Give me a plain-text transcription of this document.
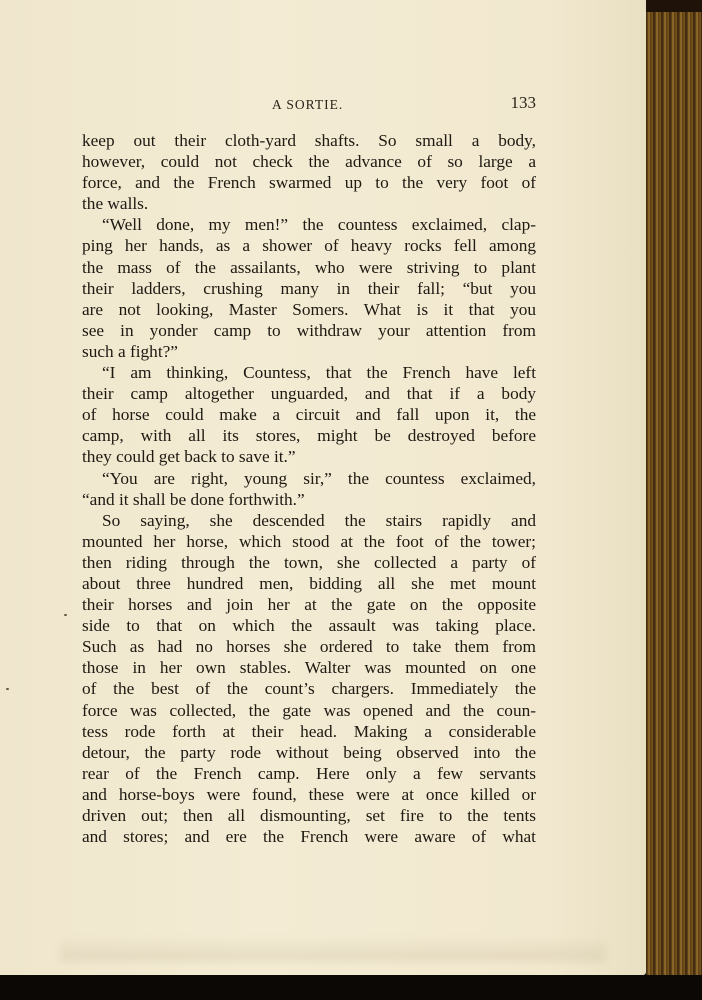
A SORTIE.	133
keep out their cloth-yard shafts. So small a body,
however, could not check the advance of so large a
force, and the French swarmed up to the very foot of
the walls.
“Well done, my men!” the countess exclaimed, clap-
ping her hands, as a shower of heavy rocks fell among
the mass of the assailants, who were striving to plant
their ladders, crushing many in their fall; “but you
are not looking, Master Somers. What is it that you
see in yonder camp to withdraw your attention from
such a fight?”
“I am thinking, Countess, that the French have left
their camp altogether unguarded, and that if a body
of horse could make a circuit and fall upon it, the
camp, with all its stores, might be destroyed before
they could get back to save it.”
“You are right, young sir,” the countess exclaimed,
“and it shall be done forthwith.”
So saying, she descended the stairs rapidly and
mounted her horse, which stood at the foot of the tower;
then riding through the town, she collected a party of
about three hundred men, bidding all she met mount
their horses and join her at the gate on the opposite
side to that on which the assault was taking place.
Such as had no horses she ordered to take them from
those in her own stables. Walter was mounted on one
of the best of the count’s chargers. Immediately the
force was collected, the gate was opened and the coun-
tess rode forth at their head. Making a considerable
detour, the party rode without being observed into the
rear of the French camp. Here only a few servants
and horse-boys were found, these were at once killed or
driven out; then all dismounting, set fire to the tents
and stores; and ere the French were aware of what
